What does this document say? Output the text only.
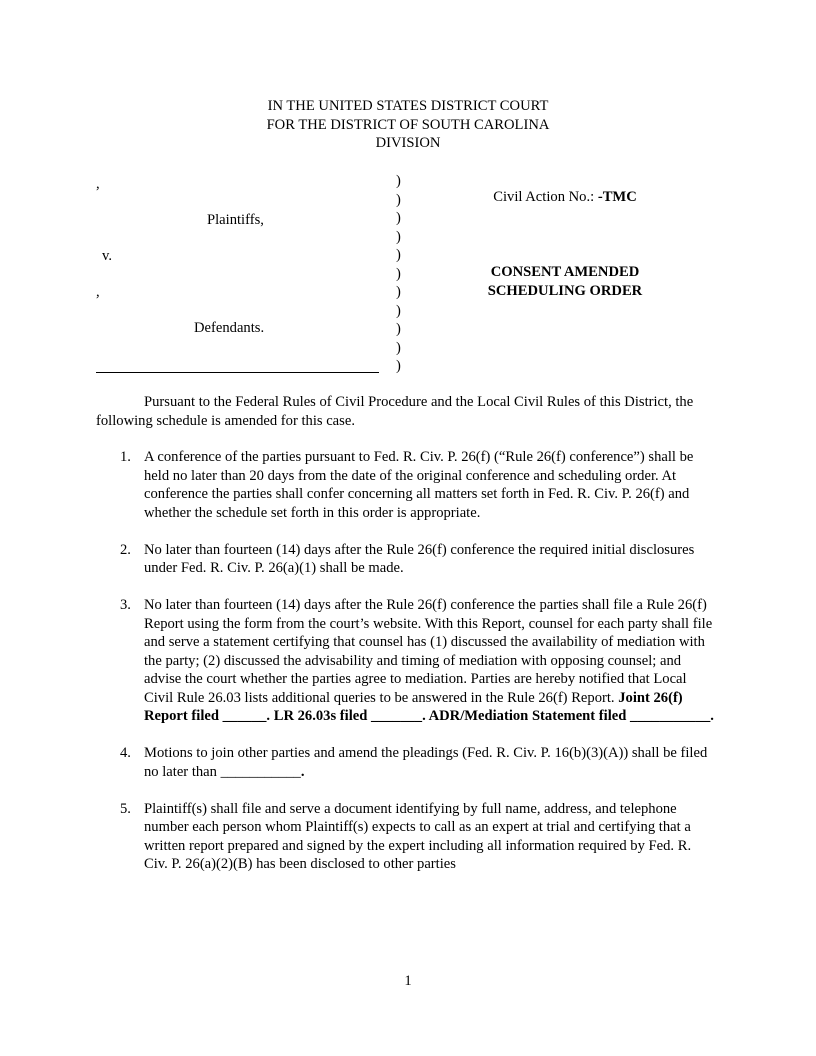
IN THE UNITED STATES DISTRICT COURT
FOR THE DISTRICT OF SOUTH CAROLINA
DIVISION
,
Plaintiffs,
v.
,
Defendants.
)
)
)
)
)
)
)
)
)
)
)
Civil Action No.: -TMC
CONSENT AMENDED
SCHEDULING ORDER

Pursuant to the Federal Rules of Civil Procedure and the Local Civil Rules of this District, the following schedule is amended for this case.

1. A conference of the parties pursuant to Fed. R. Civ. P. 26(f) (“Rule 26(f) conference”) shall be held no later than 20 days from the date of the original conference and scheduling order. At conference the parties shall confer concerning all matters set forth in Fed. R. Civ. P. 26(f) and whether the schedule set forth in this order is appropriate.
2. No later than fourteen (14) days after the Rule 26(f) conference the required initial disclosures under Fed. R. Civ. P. 26(a)(1) shall be made.
3. No later than fourteen (14) days after the Rule 26(f) conference the parties shall file a Rule 26(f) Report using the form from the court’s website. With this Report, counsel for each party shall file and serve a statement certifying that counsel has (1) discussed the availability of mediation with the party; (2) discussed the advisability and timing of mediation with opposing counsel; and advise the court whether the parties agree to mediation. Parties are hereby notified that Local Civil Rule 26.03 lists additional queries to be answered in the Rule 26(f) Report. Joint 26(f) Report filed ______. LR 26.03s filed _______. ADR/Mediation Statement filed ___________.
4. Motions to join other parties and amend the pleadings (Fed. R. Civ. P. 16(b)(3)(A)) shall be filed no later than ___________.
5. Plaintiff(s) shall file and serve a document identifying by full name, address, and telephone number each person whom Plaintiff(s) expects to call as an expert at trial and certifying that a written report prepared and signed by the expert including all information required by Fed. R. Civ. P. 26(a)(2)(B) has been disclosed to other parties
1
